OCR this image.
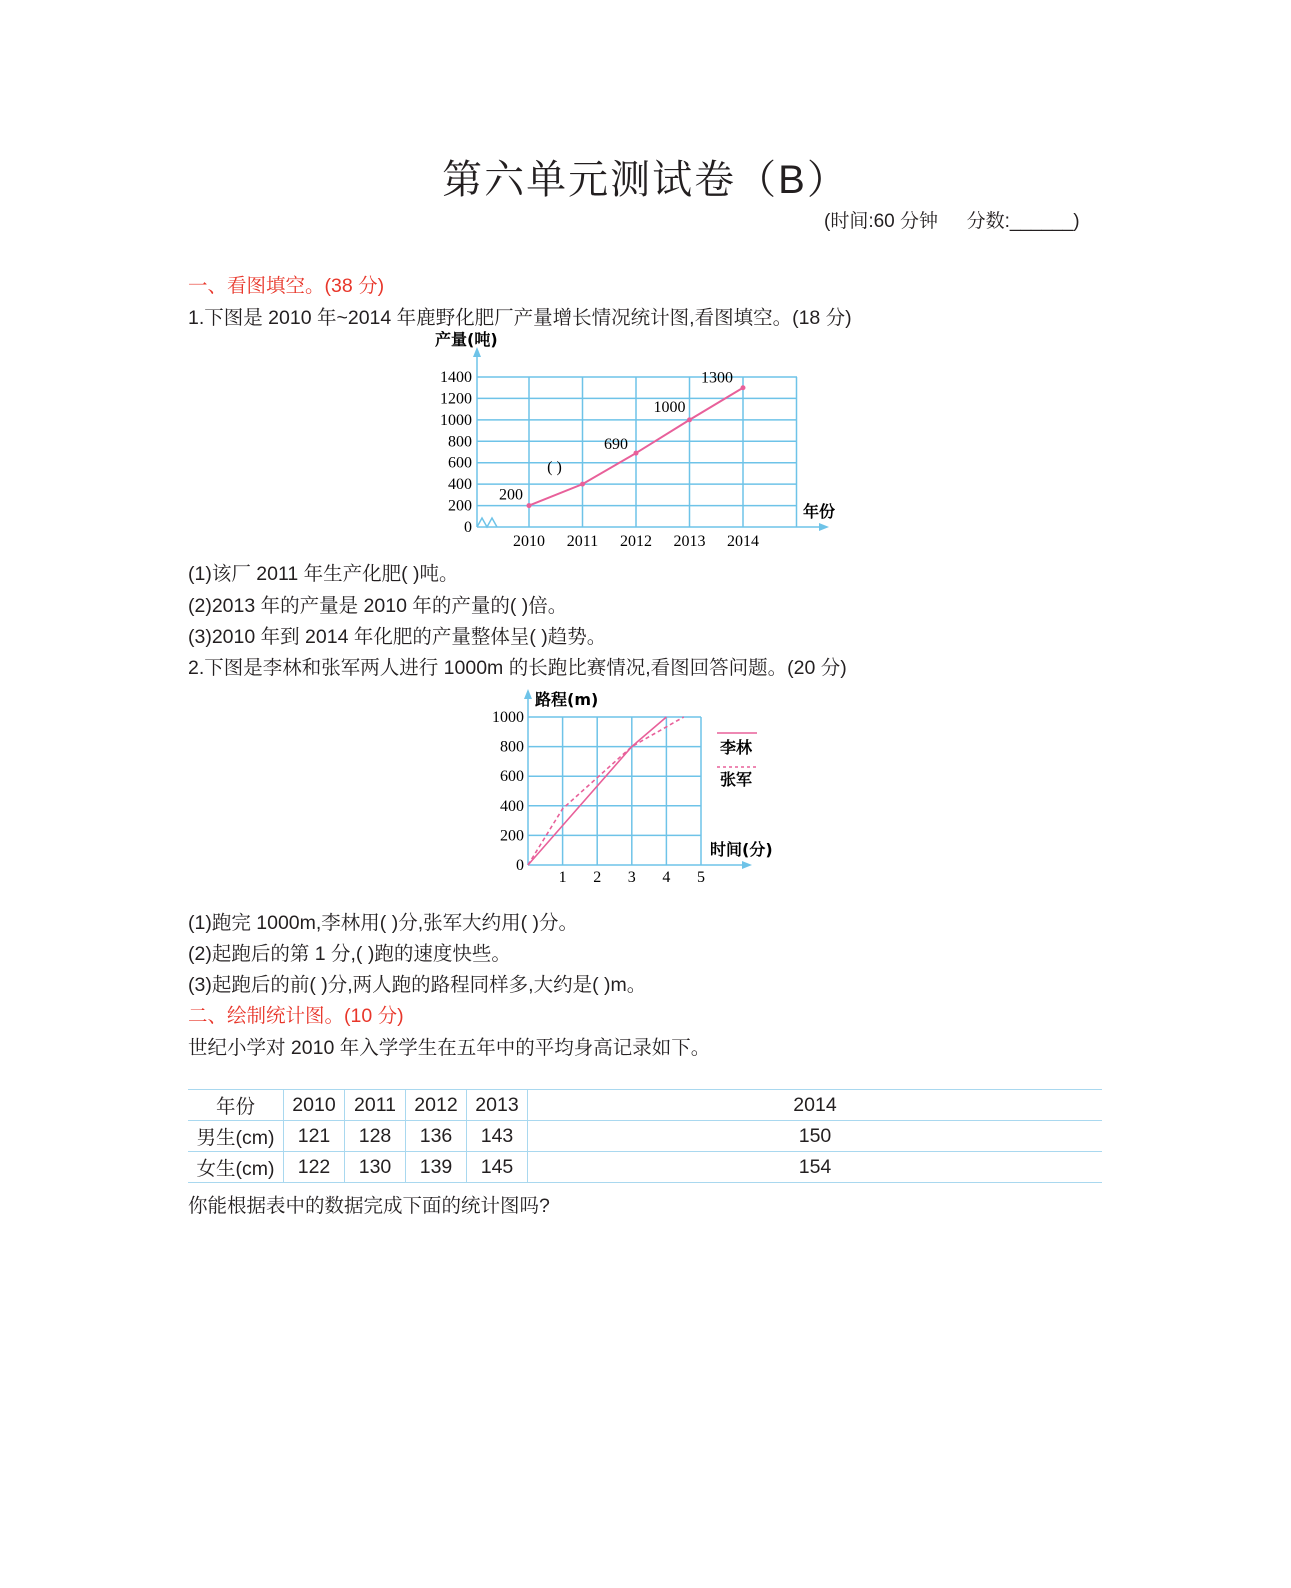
第六单元测试卷（B）
(时间:60 分钟 分数:______)
一、看图填空。(38 分)
1.下图是 2010 年~2014 年鹿野化肥厂产量增长情况统计图,看图填空。(18 分)
产量(吨)
年份
0
200
400
600
800
1000
1200
1400
2010 2011 2012 2013 2014
200
( )
690
1000
1300
(1)该厂 2011 年生产化肥( )吨。
(2)2013 年的产量是 2010 年的产量的( )倍。
(3)2010 年到 2014 年化肥的产量整体呈( )趋势。
2.下图是李林和张军两人进行 1000m 的长跑比赛情况,看图回答问题。(20 分)
路程(m)
时间(分)
0
200
400
600
800
1000
1 2 3 4 5
李林
张军
(1)跑完 1000m,李林用( )分,张军大约用( )分。
(2)起跑后的第 1 分,( )跑的速度快些。
(3)起跑后的前( )分,两人跑的路程同样多,大约是( )m。
二、绘制统计图。(10 分)
世纪小学对 2010 年入学学生在五年中的平均身高记录如下。
年份	2010	2011	2012	2013	2014
男生(cm)	121	128	136	143	150
女生(cm)	122	130	139	145	154
你能根据表中的数据完成下面的统计图吗?
